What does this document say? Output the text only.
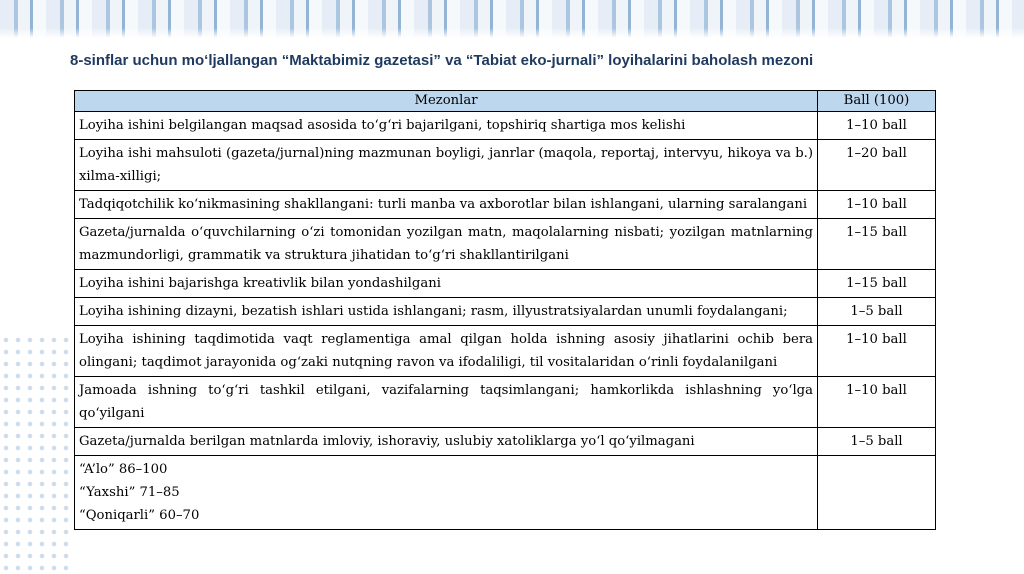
8-sinflar uchun mo‘ljallangan “Maktabimiz gazetasi” va “Tabiat eko-jurnali” loyihalarini baholash mezoni
Mezonlar	Ball (100)
Loyiha ishini belgilangan maqsad asosida to‘g‘ri bajarilgani, topshiriq shartiga mos kelishi	1–10 ball
Loyiha ishi mahsuloti (gazeta/jurnal)ning mazmunan boyligi, janrlar (maqola, reportaj, intervyu, hikoya va b.) xilma-xilligi;	1–20 ball
Tadqiqotchilik ko‘nikmasining shakllangani: turli manba va axborotlar bilan ishlangani, ularning saralangani	1–10 ball
Gazeta/jurnalda o‘quvchilarning o‘zi tomonidan yozilgan matn, maqolalarning nisbati; yozilgan matnlarning mazmundorligi, grammatik va struktura jihatidan to‘g‘ri shakllantirilgani	1–15 ball
Loyiha ishini bajarishga kreativlik bilan yondashilgani	1–15 ball
Loyiha ishining dizayni, bezatish ishlari ustida ishlangani; rasm, illyustratsiyalardan unumli foydalangani;	1–5 ball
Loyiha ishining taqdimotida vaqt reglamentiga amal qilgan holda ishning asosiy jihatlarini ochib bera olingani; taqdimot jarayonida og‘zaki nutqning ravon va ifodaliligi, til vositalaridan o‘rinli foydalanilgani	1–10 ball
Jamoada ishning to‘g‘ri tashkil etilgani, vazifalarning taqsimlangani; hamkorlikda ishlashning yo‘lga qo‘yilgani	1–10 ball
Gazeta/jurnalda berilgan matnlarda imloviy, ishoraviy, uslubiy xatoliklarga yo‘l qo‘yilmagani	1–5 ball

“A’lo” 86–100
“Yaxshi” 71–85
“Qoniqarli” 60–70	
